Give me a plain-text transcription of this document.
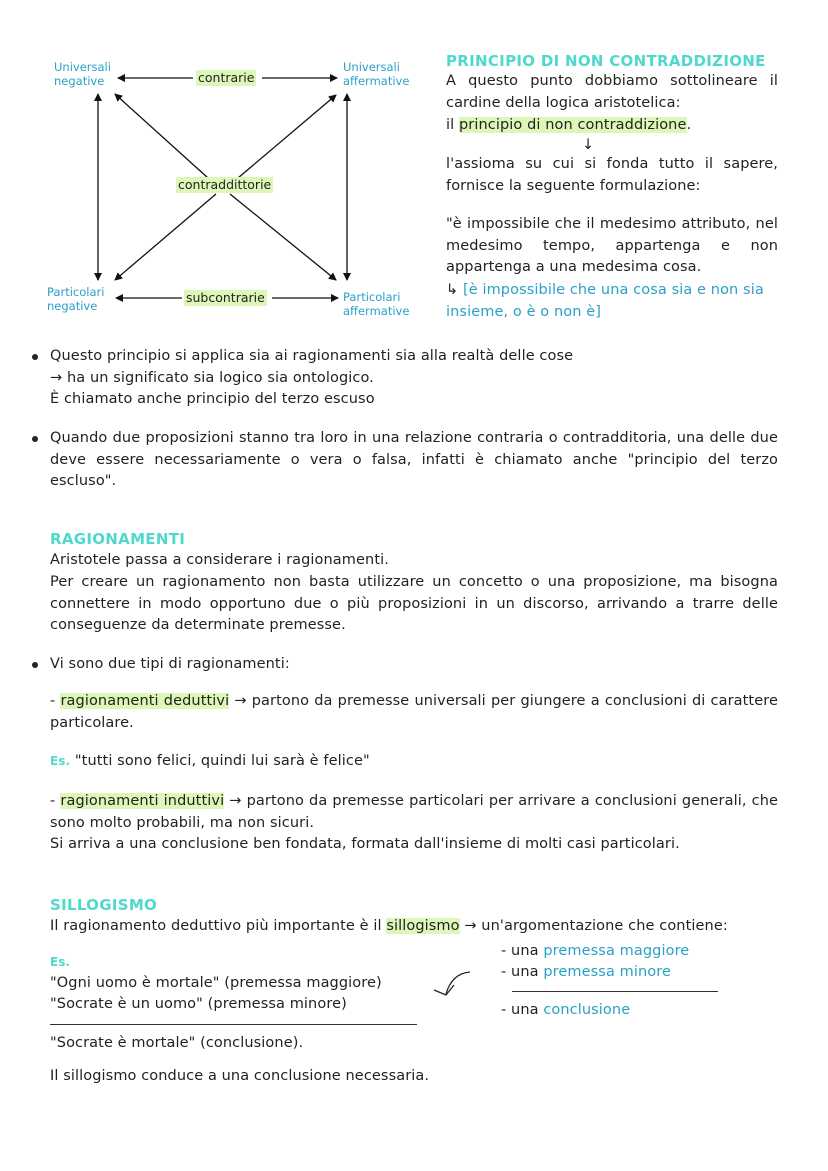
Universali
negative
Universali
affermative
Particolari
negative
Particolari
affermative
contrarie
contraddittorie
subcontrarie
PRINCIPIO DI NON CONTRADDIZIONE
A questo punto dobbiamo sottolineare il cardine della logica aristotelica:
il principio di non contraddizione.
↓
l'assioma su cui si fonda tutto il sapere, fornisce la seguente formulazione:
"è impossibile che il medesimo attributo, nel medesimo tempo, appartenga e non appartenga a una medesima cosa.
↳ [è impossibile che una cosa sia e non sia insieme, o è o non è]
Questo principio si applica sia ai ragionamenti sia alla realtà delle cose
→ ha un significato sia logico sia ontologico.
È chiamato anche principio del terzo escuso
Quando due proposizioni stanno tra loro in una relazione contraria o contradditoria, una delle due deve essere necessariamente o vera o falsa, infatti è chiamato anche "principio del terzo escluso".
RAGIONAMENTI
Aristotele passa a considerare i ragionamenti.
Per creare un ragionamento non basta utilizzare un concetto o una proposizione, ma bisogna connettere in modo opportuno due o più proposizioni in un discorso, arrivando a trarre delle conseguenze da determinate premesse.
Vi sono due tipi di ragionamenti:
- ragionamenti deduttivi → partono da premesse universali per giungere a conclusioni di carattere particolare.
Es. "tutti sono felici, quindi lui sarà è felice"
- ragionamenti induttivi → partono da premesse particolari per arrivare a conclusioni generali, che sono molto probabili, ma non sicuri.
Si arriva a una conclusione ben fondata, formata dall'insieme di molti casi particolari.
SILLOGISMO
Il ragionamento deduttivo più importante è il sillogismo → un'argomentazione che contiene:
- una premessa maggiore
- una premessa minore
- una conclusione
Es.
"Ogni uomo è mortale" (premessa maggiore)
"Socrate è un uomo" (premessa minore)
"Socrate è mortale" (conclusione).
Il sillogismo conduce a una conclusione necessaria.
